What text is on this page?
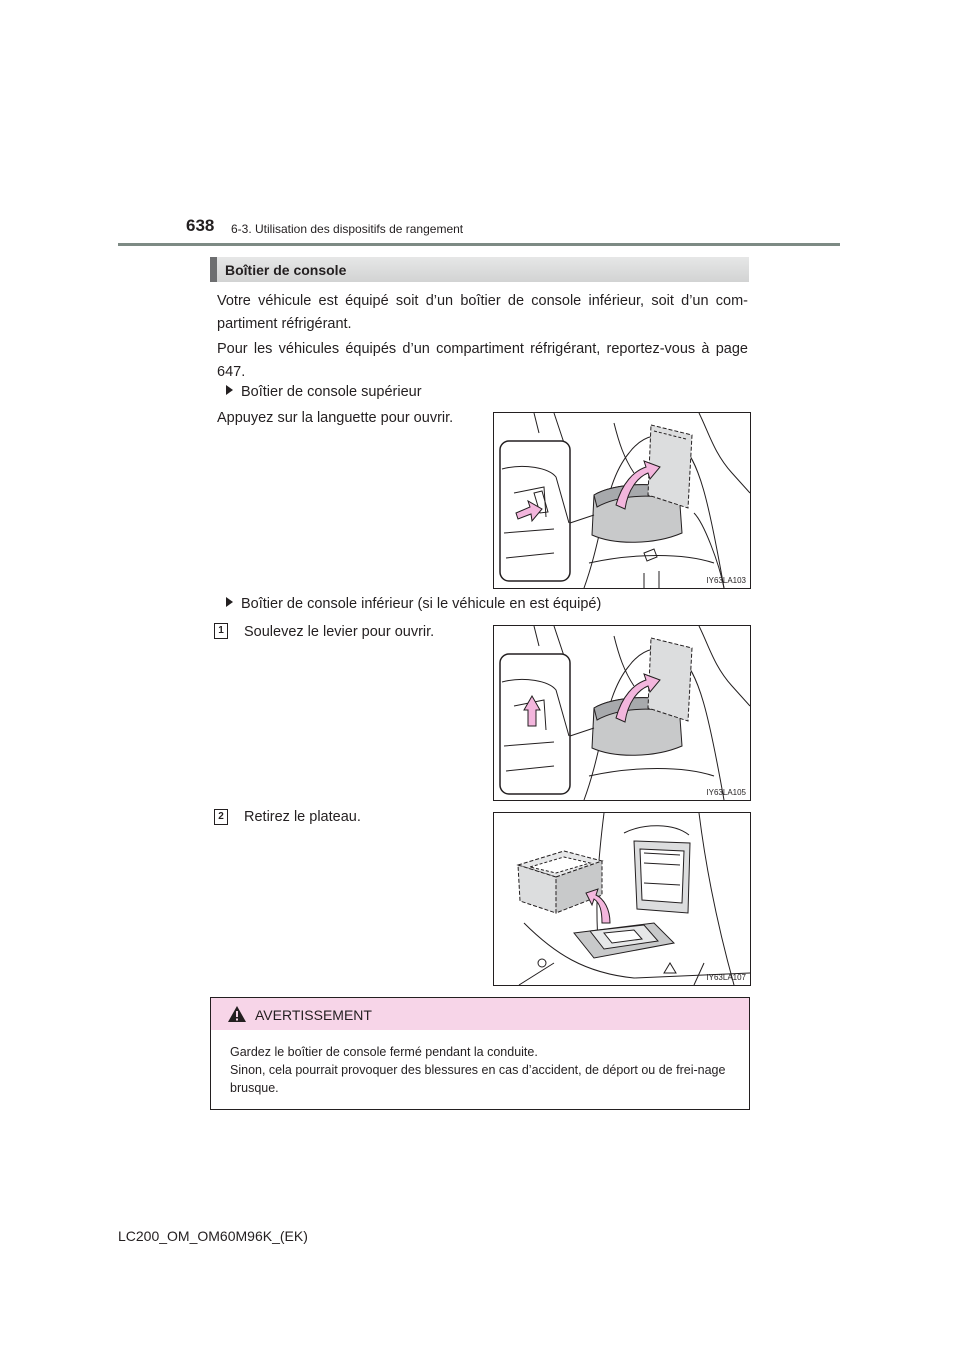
638 6-3. Utilisation des dispositifs de rangement
Boîtier de console
Votre véhicule est équipé soit d’un boîtier de console inférieur, soit d’un com-partiment réfrigérant.
Pour les véhicules équipés d’un compartiment réfrigérant, reportez-vous à page 647.
Boîtier de console supérieur
Appuyez sur la languette pour ouvrir.
IY63LA103
Boîtier de console inférieur (si le véhicule en est équipé)
1 Soulevez le levier pour ouvrir.
IY63LA105
2 Retirez le plateau.
IY63LA107
AVERTISSEMENT
Gardez le boîtier de console fermé pendant la conduite.
Sinon, cela pourrait provoquer des blessures en cas d’accident, de déport ou de frei-nage brusque.
LC200_OM_OM60M96K_(EK)
